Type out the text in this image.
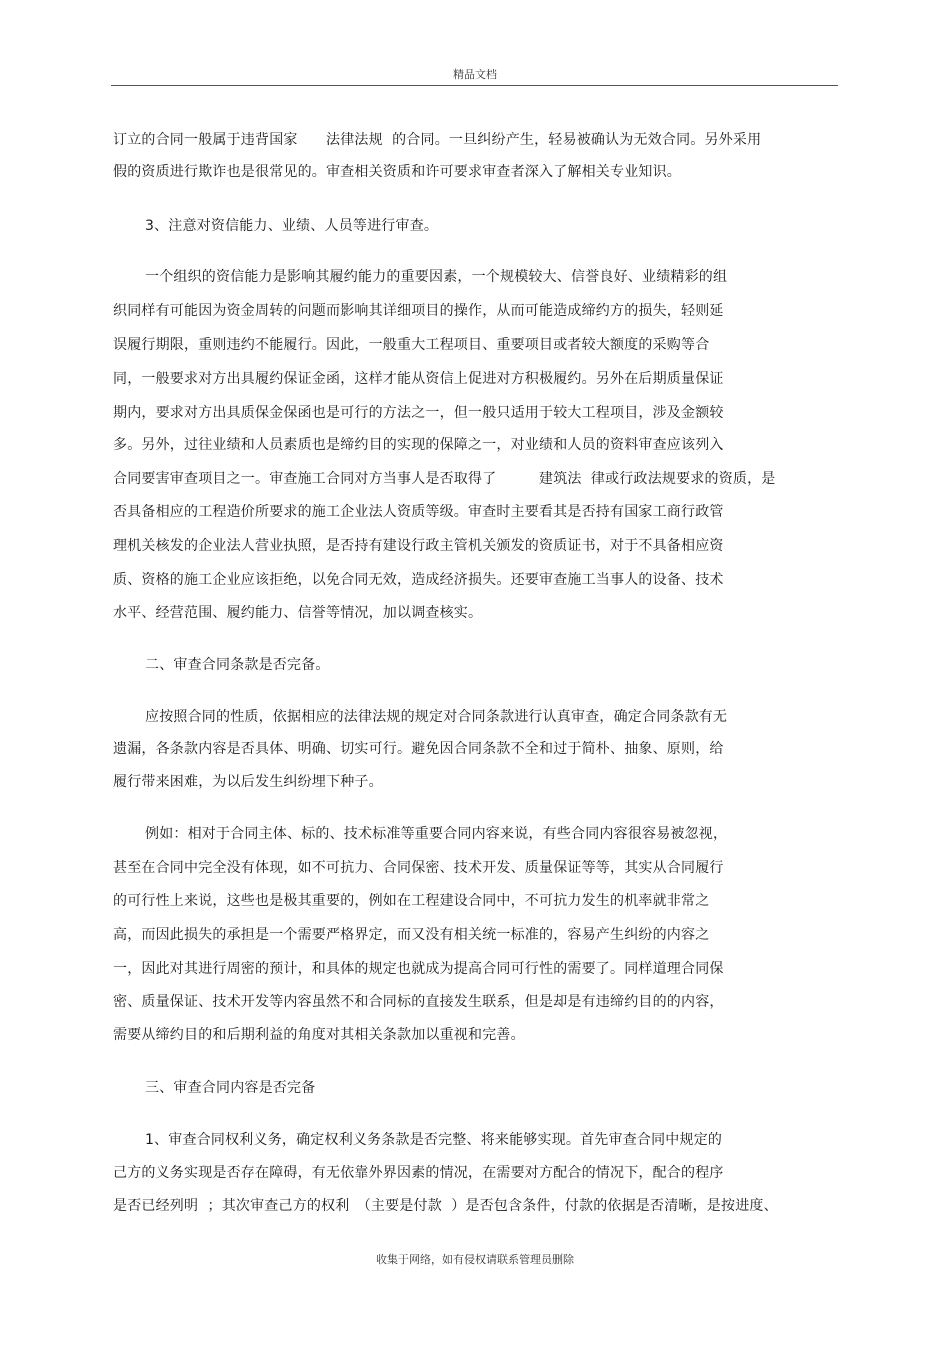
精品文档
订立的合同一般属于违背国家　　法律法规  的合同。一旦纠纷产生，轻易被确认为无效合同。另外采用
假的资质进行欺诈也是很常见的。审查相关资质和许可要求审查者深入了解相关专业知识。
3、注意对资信能力、业绩、人员等进行审查。
一个组织的资信能力是影响其履约能力的重要因素，一个规模较大、信誉良好、业绩精彩的组
织同样有可能因为资金周转的问题而影响其详细项目的操作，从而可能造成缔约方的损失，轻则延
误履行期限，重则违约不能履行。因此，一般重大工程项目、重要项目或者较大额度的采购等合
同，一般要求对方出具履约保证金函，这样才能从资信上促进对方积极履约。另外在后期质量保证
期内，要求对方出具质保金保函也是可行的方法之一，但一般只适用于较大工程项目，涉及金额较
多。另外，过往业绩和人员素质也是缔约目的实现的保障之一，对业绩和人员的资料审查应该列入
合同要害审查项目之一。审查施工合同对方当事人是否取得了　　　建筑法  律或行政法规要求的资质，是
否具备相应的工程造价所要求的施工企业法人资质等级。审查时主要看其是否持有国家工商行政管
理机关核发的企业法人营业执照，是否持有建设行政主管机关颁发的资质证书，对于不具备相应资
质、资格的施工企业应该拒绝，以免合同无效，造成经济损失。还要审查施工当事人的设备、技术
水平、经营范围、履约能力、信誉等情况，加以调查核实。
二、审查合同条款是否完备。
应按照合同的性质，依据相应的法律法规的规定对合同条款进行认真审查，确定合同条款有无
遗漏，各条款内容是否具体、明确、切实可行。避免因合同条款不全和过于简朴、抽象、原则，给
履行带来困难，为以后发生纠纷埋下种子。
例如：相对于合同主体、标的、技术标准等重要合同内容来说，有些合同内容很容易被忽视，
甚至在合同中完全没有体现，如不可抗力、合同保密、技术开发、质量保证等等，其实从合同履行
的可行性上来说，这些也是极其重要的，例如在工程建设合同中，不可抗力发生的机率就非常之
高，而因此损失的承担是一个需要严格界定，而又没有相关统一标准的，容易产生纠纷的内容之
一，因此对其进行周密的预计，和具体的规定也就成为提高合同可行性的需要了。同样道理合同保
密、质量保证、技术开发等内容虽然不和合同标的直接发生联系，但是却是有违缔约目的的内容，
需要从缔约目的和后期利益的角度对其相关条款加以重视和完善。
三、审查合同内容是否完备
1、审查合同权利义务，确定权利义务条款是否完整、将来能够实现。首先审查合同中规定的
己方的义务实现是否存在障碍，有无依靠外界因素的情况，在需要对方配合的情况下，配合的程序
是否已经列明  ；其次审查己方的权利　（主要是付款  ）是否包含条件，付款的依据是否清晰，是按进度、
收集于网络，如有侵权请联系管理员删除
